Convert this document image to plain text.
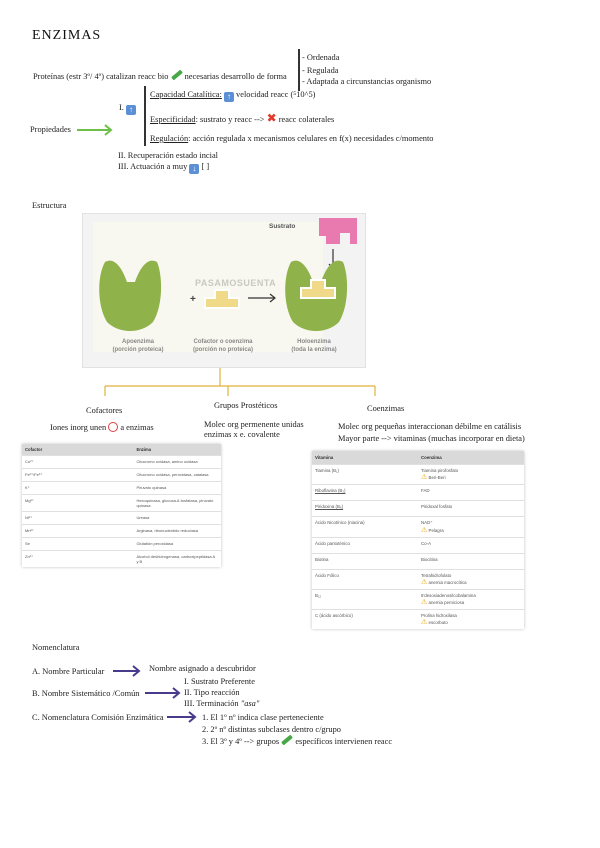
ENZIMAS
Proteínas (estr 3º/ 4º) catalizan reacc bio necesarias desarrollo de forma
- Ordenada
- Regulada
- Adaptada a circunstancias organismo
Propiedades
I. ↑
Capacidad Catalítica: ↑ velocidad reacc (⁵10^5)
Especificidad: sustrato y reacc --> ✖ reacc colaterales
Regulación: acción regulada x mecanismos celulares en f(x) necesidades c/momento
II. Recuperación estado incial
III. Actuación a muy ↓ [ ]
Estructura
Sustrato
+
PASAMOSUENTA
Apoenzima
(porción proteica)
Cofactor o coenzima
(porción no proteica)
Holoenzima
(toda la enzima)
Cofactores
Iones inorg unen a enzimas
Grupos Prostéticos
Molec org permenente unidas
enzimas x e. covalente
Coenzimas
Molec org pequeñas interaccionan débilme en catálisis
Mayor parte --> vitaminas (muchas incorporar en dieta)
Cofactor	Enzima
Cu²⁺	Citocromo oxidasa, amino oxidasa
Fe²⁺/Fe³⁺	Citocromo oxidasa, peroxidasa, catalasa
K⁺	Piruvato quinasa
Mg²⁺	Hexoquinasa, glucosa-6-fosfatasa, piruvato quinasa
Ni²⁺	Ureasa
Mn²⁺	Arginasa, ribonucleótido reductasa
Se	Glutatión peroxidasa
Zn²⁺	Alcohol deshidrogenasa, carboxipeptidasa A y B
Vitamina	Coenzima
Tiamina (B₁)	Tiamina pirofosfato
⚠ Beri-Beri

Riboflavina (B₂)	FAD
Piridoxina (B₆)	Piridoxal fosfato
Ácido Nicotínico (niacina)	NAD⁺
⚠ Pelagra

Ácido pantoténico	Co-A
Biotina	Biocitina
Ácido Fólico	Tetrahidrofolato
⚠ anemia macrocítica

B₁₂	5'desoxiadenosilcobalamina
⚠ anemia perniciosa

C (ácido ascórbico)	Prolina hidroxilasa
⚠ escorbuto
Nomenclatura
A. Nombre Particular	Nombre asignado a descubridor
I. Sustrato Preferente
B. Nombre Sistemático /Común	II. Tipo reacción
III. Terminación "asa"
C. Nomenclatura Comisión Enzimática	1. El 1º nº indica clase perteneciente
2. 2º nº distintas subclases dentro c/grupo
3. El 3º y 4º --> grupos específicos intervienen reacc
